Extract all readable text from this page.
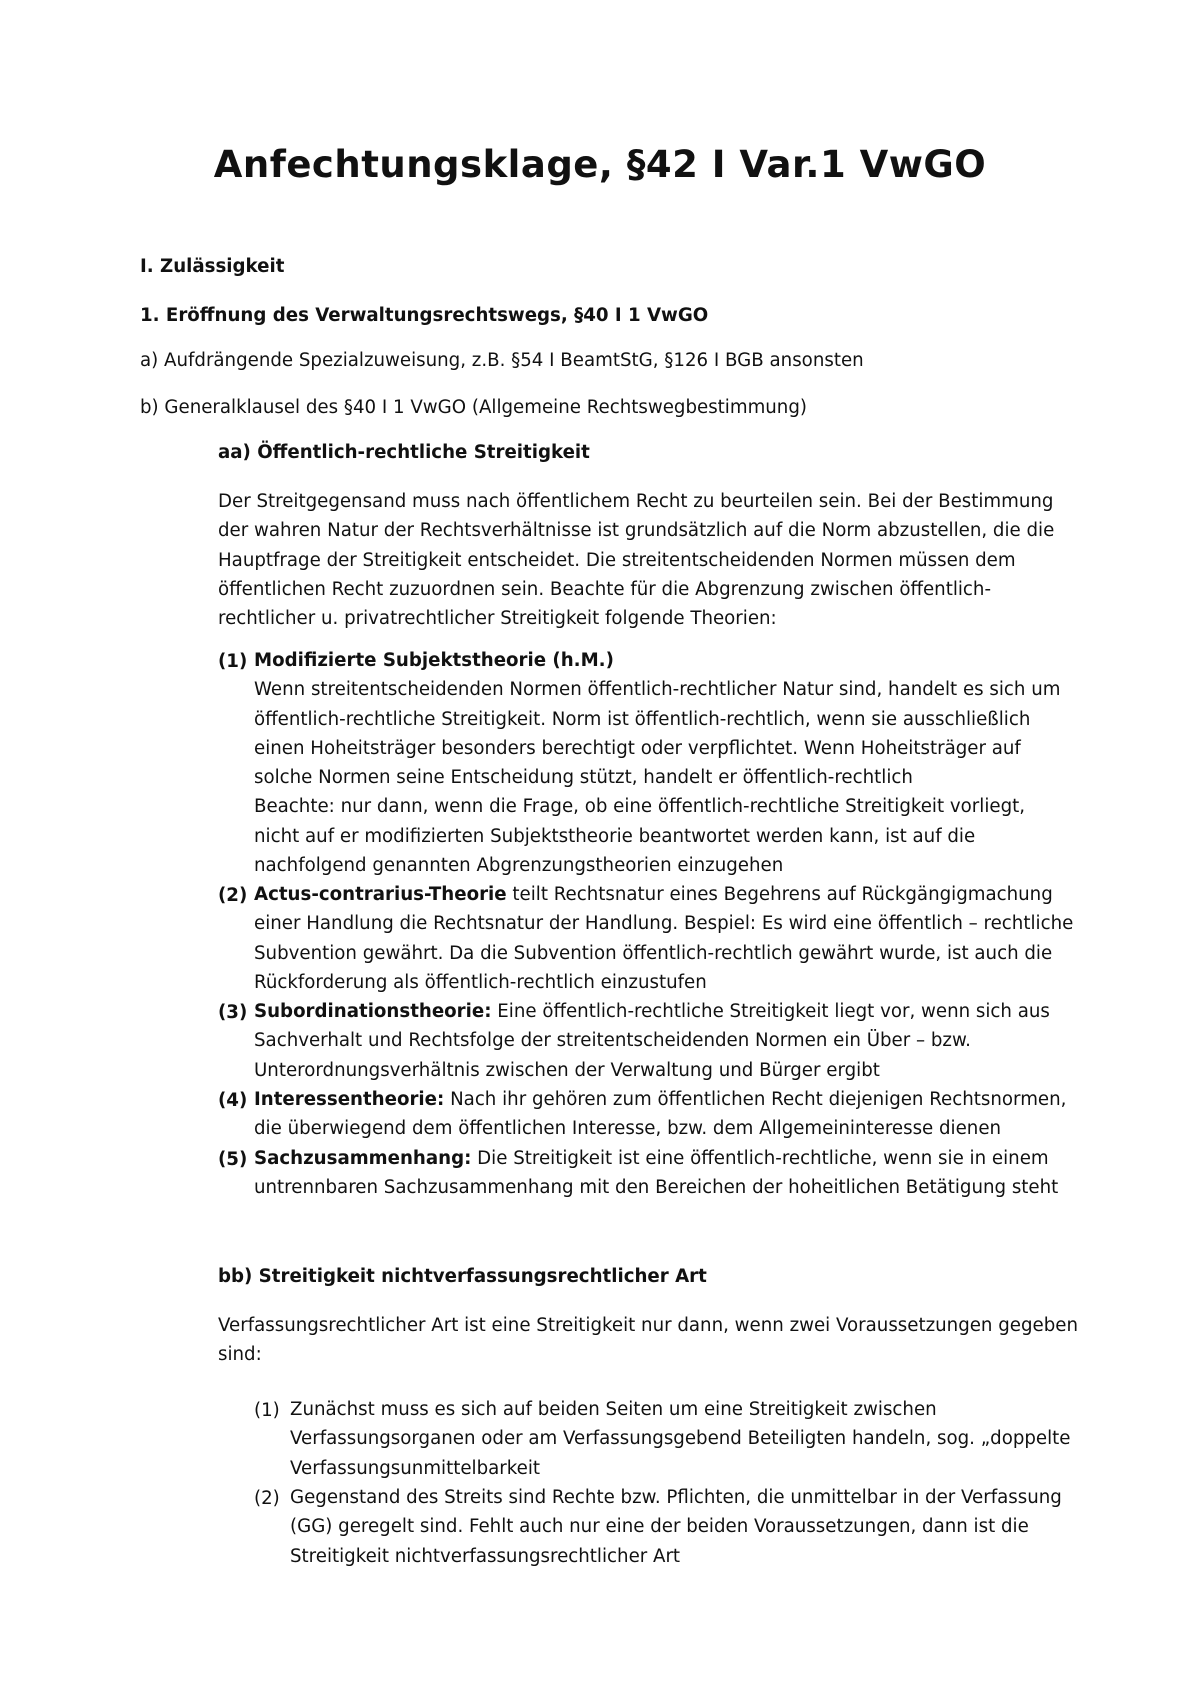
Anfechtungsklage, §42 I Var.1 VwGO

I. Zulässigkeit

1. Eröffnung des Verwaltungsrechtswegs, §40 I 1 VwGO

a) Aufdrängende Spezialzuweisung, z.B. §54 I BeamtStG, §126 I BGB ansonsten

b) Generalklausel des §40 I 1 VwGO (Allgemeine Rechtswegbestimmung)

aa) Öffentlich-rechtliche Streitigkeit

Der Streitgegensand muss nach öffentlichem Recht zu beurteilen sein. Bei der Bestimmung
der wahren Natur der Rechtsverhältnisse ist grundsätzlich auf die Norm abzustellen, die die
Hauptfrage der Streitigkeit entscheidet. Die streitentscheidenden Normen müssen dem
öffentlichen Recht zuzuordnen sein. Beachte für die Abgrenzung zwischen öffentlich-
rechtlicher u. privatrechtlicher Streitigkeit folgende Theorien:
(1) Modifizierte Subjektstheorie (h.M.)
Wenn streitentscheidenden Normen öffentlich-rechtlicher Natur sind, handelt es sich um
öffentlich-rechtliche Streitigkeit. Norm ist öffentlich-rechtlich, wenn sie ausschließlich
einen Hoheitsträger besonders berechtigt oder verpflichtet. Wenn Hoheitsträger auf
solche Normen seine Entscheidung stützt, handelt er öffentlich-rechtlich
Beachte: nur dann, wenn die Frage, ob eine öffentlich-rechtliche Streitigkeit vorliegt,
nicht auf er modifizierten Subjektstheorie beantwortet werden kann, ist auf die
nachfolgend genannten Abgrenzungstheorien einzugehen
(2) Actus-contrarius-Theorie teilt Rechtsnatur eines Begehrens auf Rückgängigmachung
einer Handlung die Rechtsnatur der Handlung. Bespiel: Es wird eine öffentlich – rechtliche
Subvention gewährt. Da die Subvention öffentlich-rechtlich gewährt wurde, ist auch die
Rückforderung als öffentlich-rechtlich einzustufen
(3) Subordinationstheorie: Eine öffentlich-rechtliche Streitigkeit liegt vor, wenn sich aus
Sachverhalt und Rechtsfolge der streitentscheidenden Normen ein Über – bzw.
Unterordnungsverhältnis zwischen der Verwaltung und Bürger ergibt
(4) Interessentheorie: Nach ihr gehören zum öffentlichen Recht diejenigen Rechtsnormen,
die überwiegend dem öffentlichen Interesse, bzw. dem Allgemeininteresse dienen
(5) Sachzusammenhang: Die Streitigkeit ist eine öffentlich-rechtliche, wenn sie in einem
untrennbaren Sachzusammenhang mit den Bereichen der hoheitlichen Betätigung steht

bb) Streitigkeit nichtverfassungsrechtlicher Art

Verfassungsrechtlicher Art ist eine Streitigkeit nur dann, wenn zwei Voraussetzungen gegeben
sind:
(1) Zunächst muss es sich auf beiden Seiten um eine Streitigkeit zwischen
Verfassungsorganen oder am Verfassungsgebend Beteiligten handeln, sog. „doppelte
Verfassungsunmittelbarkeit
(2) Gegenstand des Streits sind Rechte bzw. Pflichten, die unmittelbar in der Verfassung
(GG) geregelt sind. Fehlt auch nur eine der beiden Voraussetzungen, dann ist die
Streitigkeit nichtverfassungsrechtlicher Art
